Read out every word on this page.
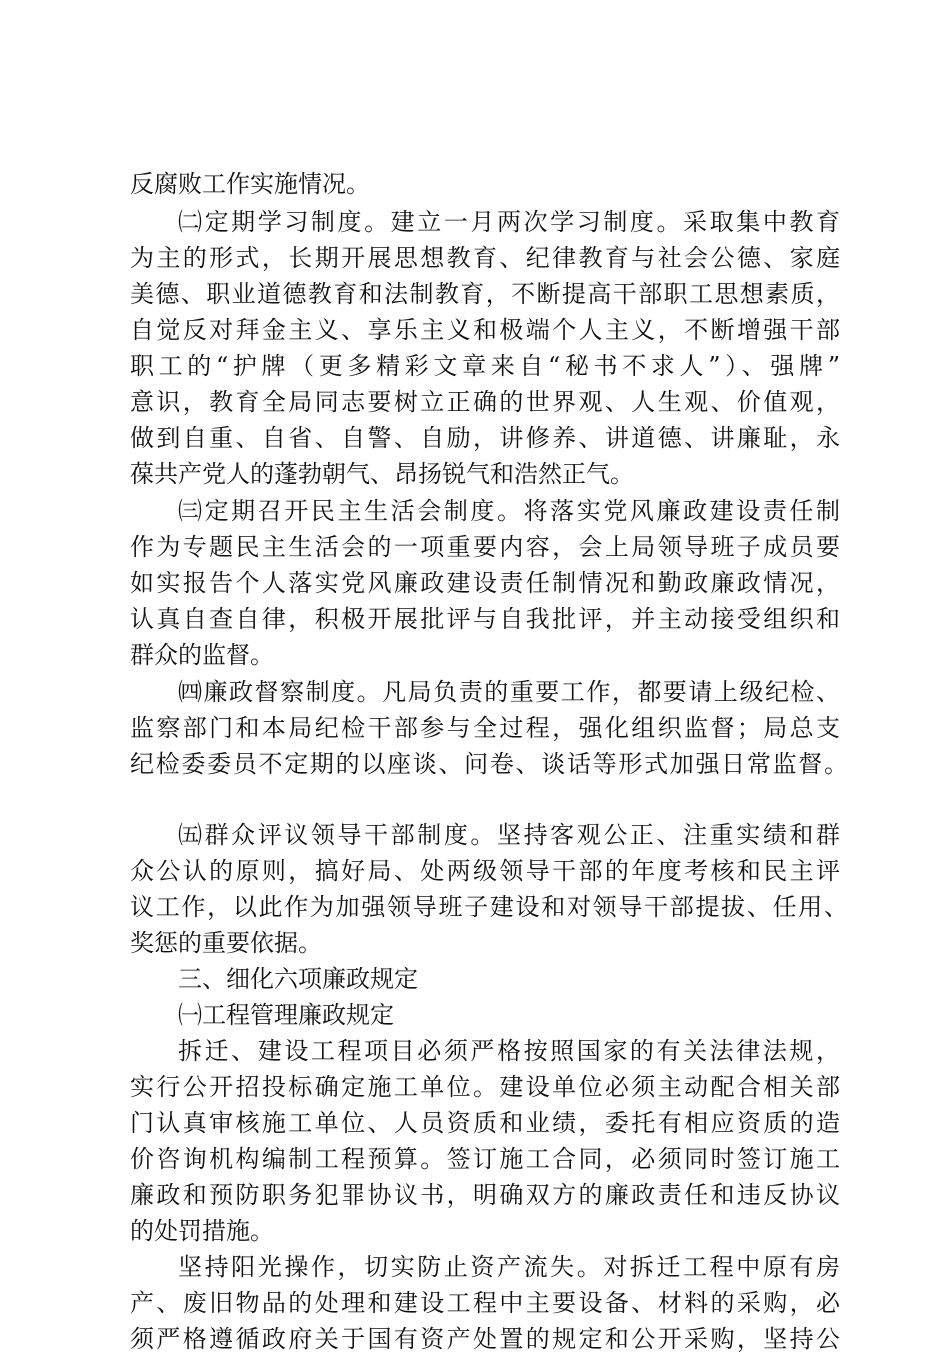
反腐败工作实施情况。
㈡定期学习制度。建立一月两次学习制度。采取集中教育
为主的形式，长期开展思想教育、纪律教育与社会公德、家庭
美德、职业道德教育和法制教育，不断提高干部职工思想素质，
自觉反对拜金主义、享乐主义和极端个人主义，不断增强干部
职工的“护牌（更多精彩文章来自“秘书不求人”）、强牌”
意识，教育全局同志要树立正确的世界观、人生观、价值观，
做到自重、自省、自警、自励，讲修养、讲道德、讲廉耻，永
葆共产党人的蓬勃朝气、昂扬锐气和浩然正气。
㈢定期召开民主生活会制度。将落实党风廉政建设责任制
作为专题民主生活会的一项重要内容，会上局领导班子成员要
如实报告个人落实党风廉政建设责任制情况和勤政廉政情况，
认真自查自律，积极开展批评与自我批评，并主动接受组织和
群众的监督。
㈣廉政督察制度。凡局负责的重要工作，都要请上级纪检、
监察部门和本局纪检干部参与全过程，强化组织监督；局总支
纪检委委员不定期的以座谈、问卷、谈话等形式加强日常监督。
㈤群众评议领导干部制度。坚持客观公正、注重实绩和群
众公认的原则，搞好局、处两级领导干部的年度考核和民主评
议工作，以此作为加强领导班子建设和对领导干部提拔、任用、
奖惩的重要依据。
三、细化六项廉政规定
㈠工程管理廉政规定
拆迁、建设工程项目必须严格按照国家的有关法律法规，
实行公开招投标确定施工单位。建设单位必须主动配合相关部
门认真审核施工单位、人员资质和业绩，委托有相应资质的造
价咨询机构编制工程预算。签订施工合同，必须同时签订施工
廉政和预防职务犯罪协议书，明确双方的廉政责任和违反协议
的处罚措施。
坚持阳光操作，切实防止资产流失。对拆迁工程中原有房
产、废旧物品的处理和建设工程中主要设备、材料的采购，必
须严格遵循政府关于国有资产处置的规定和公开采购，坚持公
